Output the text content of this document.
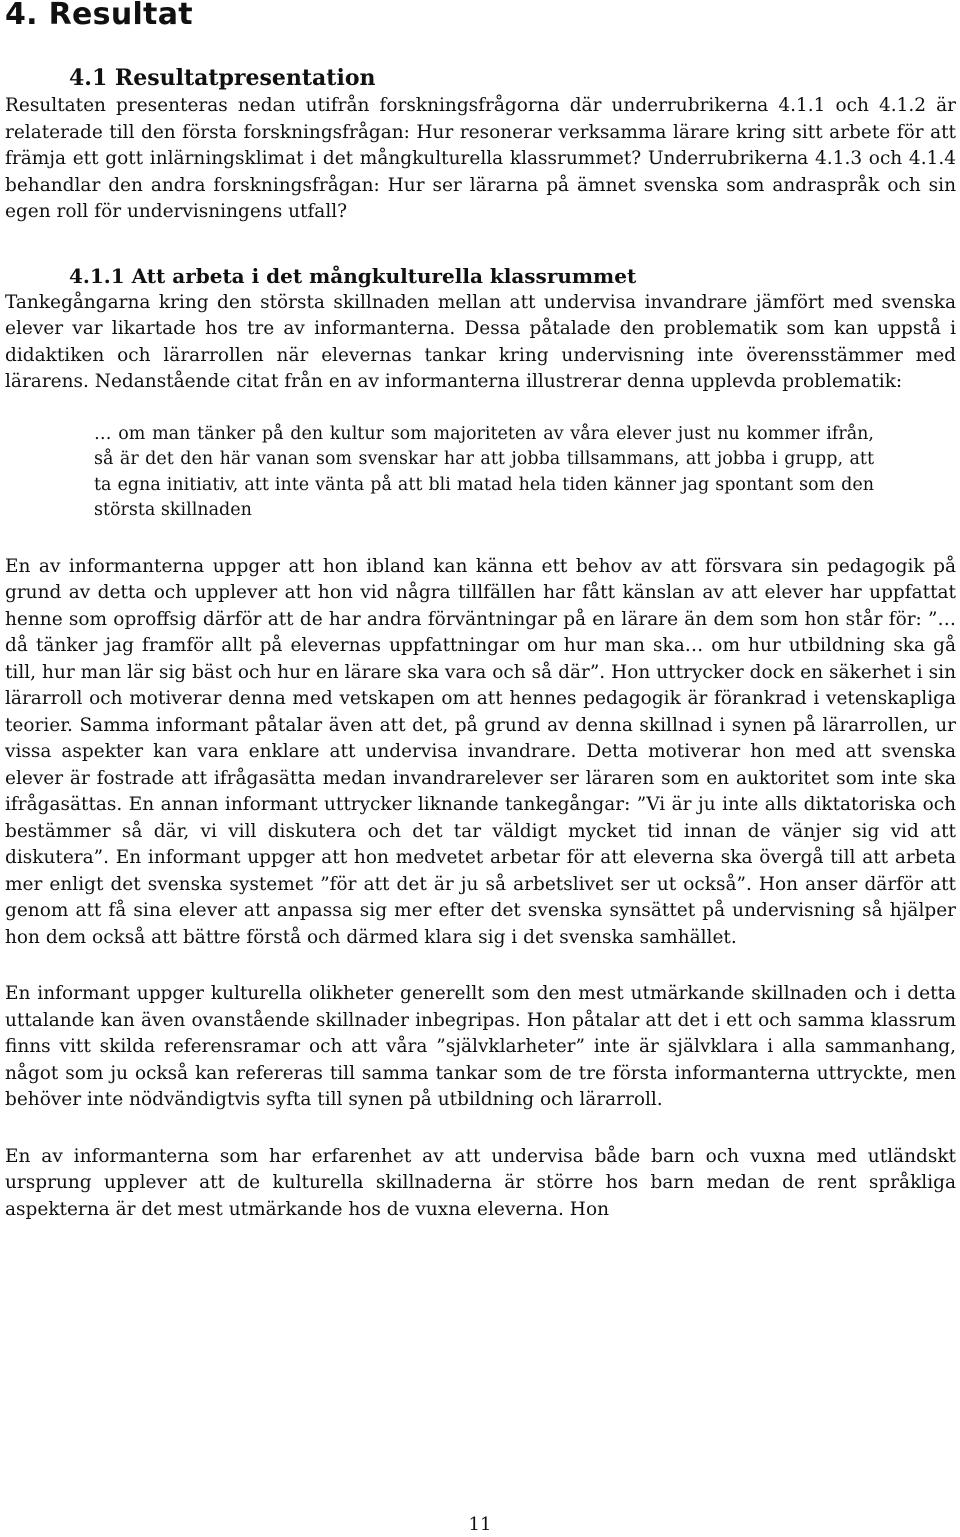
4. Resultat
4.1 Resultatpresentation

Resultaten presenteras nedan utifrån forskningsfrågorna där underrubrikerna 4.1.1 och 4.1.2 är relaterade till den första forskningsfrågan: Hur resonerar verksamma lärare kring sitt arbete för att främja ett gott inlärningsklimat i det mångkulturella klassrummet? Underrubrikerna 4.1.3 och 4.1.4 behandlar den andra forskningsfrågan: Hur ser lärarna på ämnet svenska som andraspråk och sin egen roll för undervisningens utfall?

4.1.1 Att arbeta i det mångkulturella klassrummet

Tankegångarna kring den största skillnaden mellan att undervisa invandrare jämfört med svenska elever var likartade hos tre av informanterna. Dessa påtalade den problematik som kan uppstå i didaktiken och lärarrollen när elevernas tankar kring undervisning inte överensstämmer med lärarens. Nedanstående citat från en av informanterna illustrerar denna upplevda problematik:

… om man tänker på den kultur som majoriteten av våra elever just nu kommer ifrån, så är det den här vanan som svenskar har att jobba tillsammans, att jobba i grupp, att ta egna initiativ, att inte vänta på att bli matad hela tiden känner jag spontant som den största skillnaden

En av informanterna uppger att hon ibland kan känna ett behov av att försvara sin pedagogik på grund av detta och upplever att hon vid några tillfällen har fått känslan av att elever har uppfattat henne som oproffsig därför att de har andra förväntningar på en lärare än dem som hon står för: ”…då tänker jag framför allt på elevernas uppfattningar om hur man ska… om hur utbildning ska gå till, hur man lär sig bäst och hur en lärare ska vara och så där”. Hon uttrycker dock en säkerhet i sin lärarroll och motiverar denna med vetskapen om att hennes pedagogik är förankrad i vetenskapliga teorier. Samma informant påtalar även att det, på grund av denna skillnad i synen på lärarrollen, ur vissa aspekter kan vara enklare att undervisa invandrare. Detta motiverar hon med att svenska elever är fostrade att ifrågasätta medan invandrarelever ser läraren som en auktoritet som inte ska ifrågasättas. En annan informant uttrycker liknande tankegångar: ”Vi är ju inte alls diktatoriska och bestämmer så där, vi vill diskutera och det tar väldigt mycket tid innan de vänjer sig vid att diskutera”. En informant uppger att hon medvetet arbetar för att eleverna ska övergå till att arbeta mer enligt det svenska systemet ”för att det är ju så arbetslivet ser ut också”. Hon anser därför att genom att få sina elever att anpassa sig mer efter det svenska synsättet på undervisning så hjälper hon dem också att bättre förstå och därmed klara sig i det svenska samhället.

En informant uppger kulturella olikheter generellt som den mest utmärkande skillnaden och i detta uttalande kan även ovanstående skillnader inbegripas. Hon påtalar att det i ett och samma klassrum finns vitt skilda referensramar och att våra ”självklarheter” inte är självklara i alla sammanhang, något som ju också kan refereras till samma tankar som de tre första informanterna uttryckte, men behöver inte nödvändigtvis syfta till synen på utbildning och lärarroll.

En av informanterna som har erfarenhet av att undervisa både barn och vuxna med utländskt ursprung upplever att de kulturella skillnaderna är större hos barn medan de rent språkliga aspekterna är det mest utmärkande hos de vuxna eleverna. Hon

11
